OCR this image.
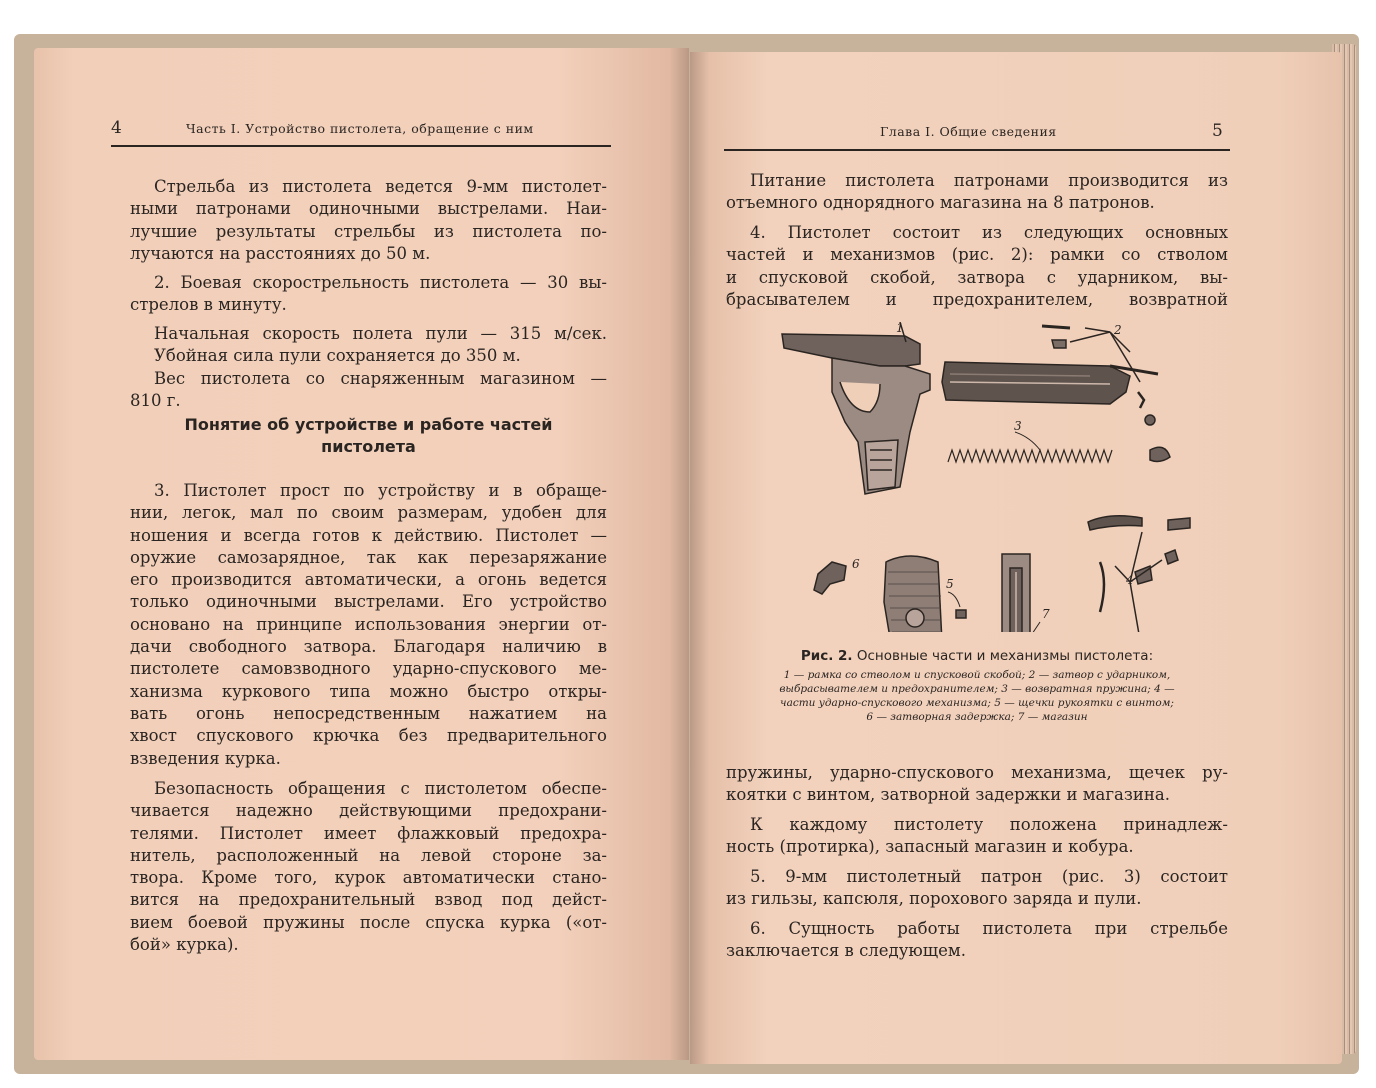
4	Часть I. Устройство пистолета, обращение с ним
Стрельба из пистолета ведется 9-мм пистолет-
ными патронами одиночными выстрелами. Наи-
лучшие результаты стрельбы из пистолета по-
лучаются на расстояниях до 50 м.
2. Боевая скорострельность пистолета — 30 вы-
стрелов в минуту.
Начальная скорость полета пули — 315 м/сек.
Убойная сила пули сохраняется до 350 м.
Вес пистолета со снаряженным магазином —
810 г.
Понятие об устройстве и работе частей
пистолета
3. Пистолет прост по устройству и в обраще-
нии, легок, мал по своим размерам, удобен для
ношения и всегда готов к действию. Пистолет —
оружие самозарядное, так как перезаряжание
его производится автоматически, а огонь ведется
только одиночными выстрелами. Его устройство
основано на принципе использования энергии от-
дачи свободного затвора. Благодаря наличию в
пистолете самовзводного ударно-спускового ме-
ханизма куркового типа можно быстро откры-
вать огонь непосредственным нажатием на
хвост спускового крючка без предварительного
взведения курка.
Безопасность обращения с пистолетом обеспе-
чивается надежно действующими предохрани-
телями. Пистолет имеет флажковый предохра-
нитель, расположенный на левой стороне за-
твора. Кроме того, курок автоматически стано-
вится на предохранительный взвод под дейст-
вием боевой пружины после спуска курка («от-
бой» курка).
Глава I. Общие сведения	5
Питание пистолета патронами производится из
отъемного однорядного магазина на 8 патронов.
4. Пистолет состоит из следующих основных
частей и механизмов (рис. 2): рамки со стволом
и спусковой скобой, затвора с ударником, вы-
брасывателем и предохранителем, возвратной
1	2
3
4
5
6
7
Рис. 2. Основные части и механизмы пистолета:
1 — рамка со стволом и спусковой скобой; 2 — затвор с ударником,
выбрасывателем и предохранителем; 3 — возвратная пружина; 4 —
части ударно-спускового механизма; 5 — щечки рукоятки с винтом;
6 — затворная задержка; 7 — магазин
пружины, ударно-спускового механизма, щечек ру-
коятки с винтом, затворной задержки и магазина.
К каждому пистолету положена принадлеж-
ность (протирка), запасный магазин и кобура.
5. 9-мм пистолетный патрон (рис. 3) состоит
из гильзы, капсюля, порохового заряда и пули.
6. Сущность работы пистолета при стрельбе
заключается в следующем.
